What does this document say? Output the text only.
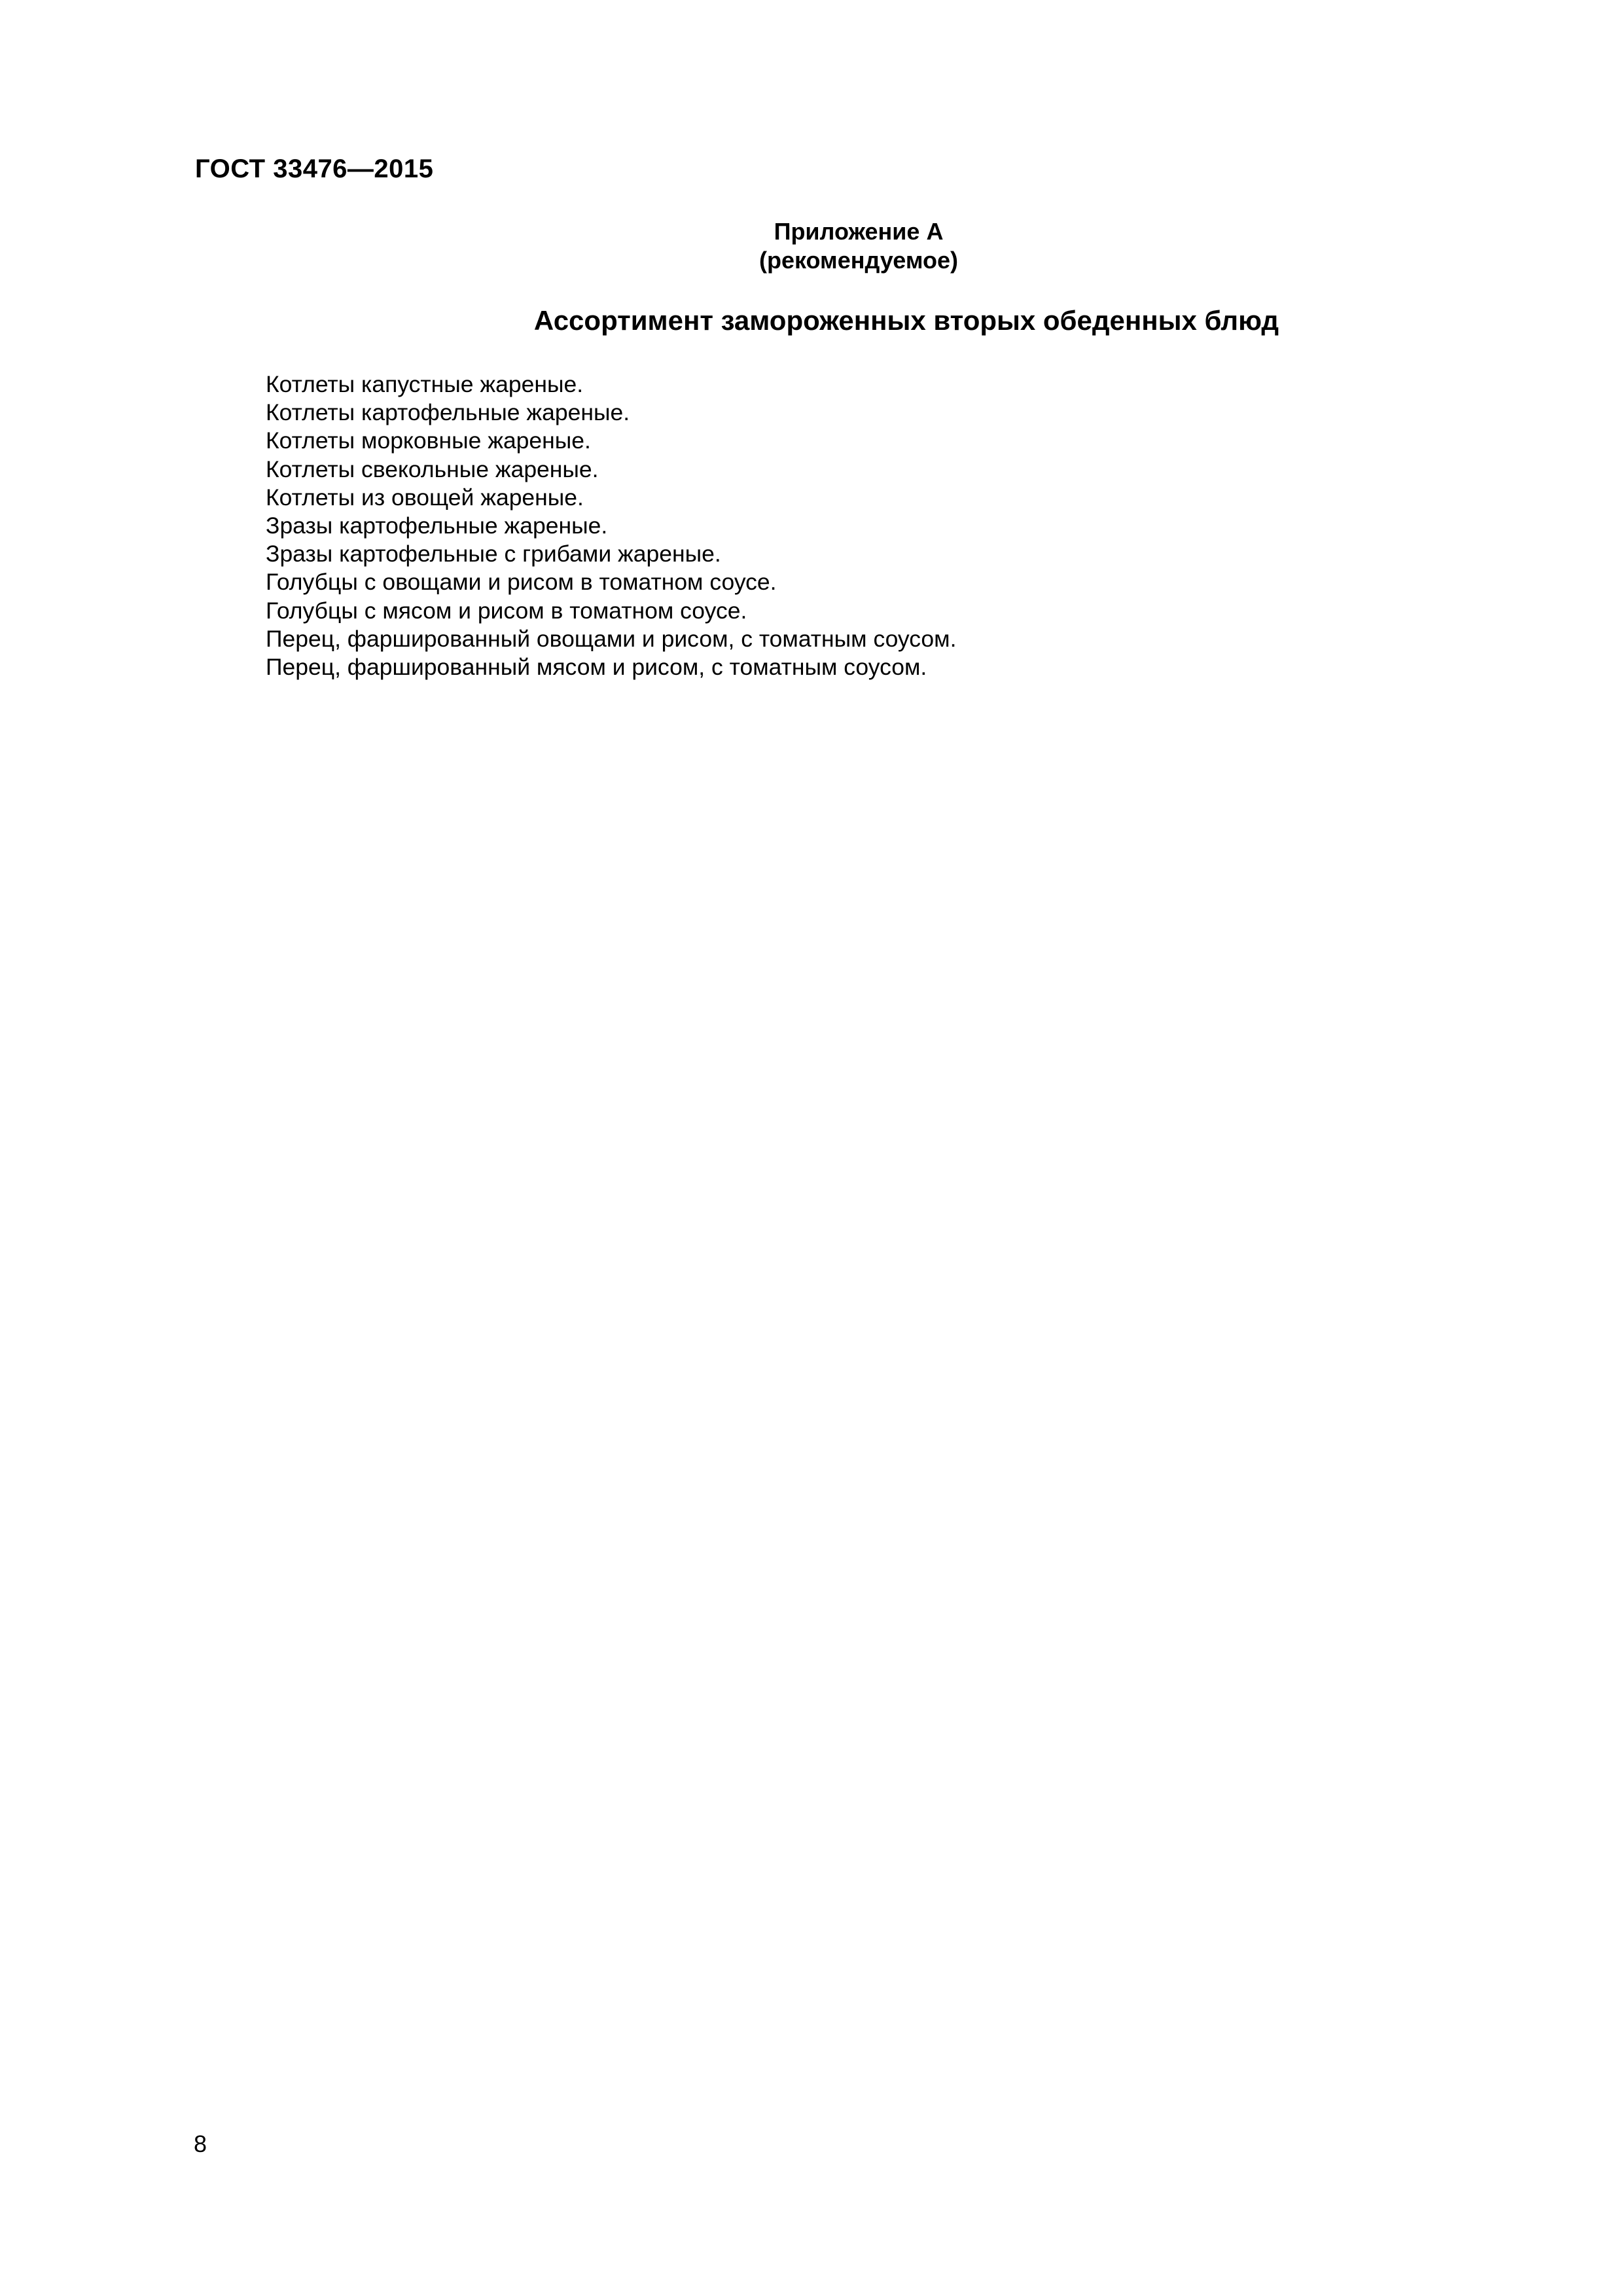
ГОСТ 33476—2015
Приложение А
(рекомендуемое)
Ассортимент замороженных вторых обеденных блюд
Котлеты капустные жареные.
Котлеты картофельные жареные.
Котлеты морковные жареные.
Котлеты свекольные жареные.
Котлеты из овощей жареные.
Зразы картофельные жареные.
Зразы картофельные с грибами жареные.
Голубцы с овощами и рисом в томатном соусе.
Голубцы с мясом и рисом в томатном соусе.
Перец, фаршированный овощами и рисом, с томатным соусом.
Перец, фаршированный мясом и рисом, с томатным соусом.
8
